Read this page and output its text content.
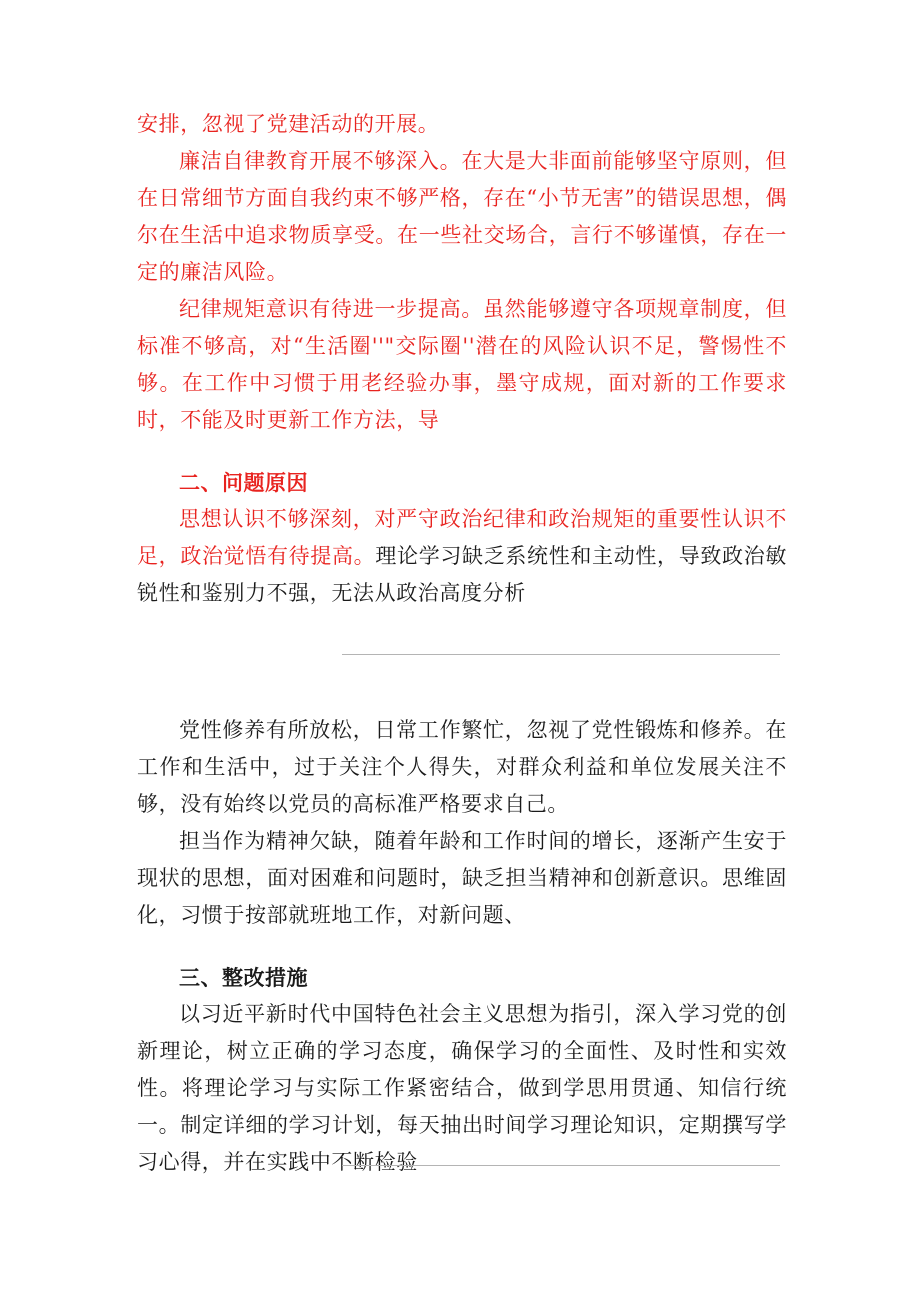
安排，忽视了党建活动的开展。

廉洁自律教育开展不够深入。在大是大非面前能够坚守原则，但在日常细节方面自我约束不够严格，存在“小节无害”的错误思想，偶尔在生活中追求物质享受。在一些社交场合，言行不够谨慎，存在一定的廉洁风险。

纪律规矩意识有待进一步提高。虽然能够遵守各项规章制度，但标准不够高，对“生活圈''"交际圈''潜在的风险认识不足，警惕性不够。在工作中习惯于用老经验办事，墨守成规，面对新的工作要求时，不能及时更新工作方法，导

二、问题原因

思想认识不够深刻，对严守政治纪律和政治规矩的重要性认识不足，政治觉悟有待提高。理论学习缺乏系统性和主动性，导致政治敏锐性和鉴别力不强，无法从政治高度分析

党性修养有所放松，日常工作繁忙，忽视了党性锻炼和修养。在工作和生活中，过于关注个人得失，对群众利益和单位发展关注不够，没有始终以党员的高标准严格要求自己。

担当作为精神欠缺，随着年龄和工作时间的增长，逐渐产生安于现状的思想，面对困难和问题时，缺乏担当精神和创新意识。思维固化，习惯于按部就班地工作，对新问题、

三、整改措施

以习近平新时代中国特色社会主义思想为指引，深入学习党的创新理论，树立正确的学习态度，确保学习的全面性、及时性和实效性。将理论学习与实际工作紧密结合，做到学思用贯通、知信行统一。制定详细的学习计划，每天抽出时间学习理论知识，定期撰写学习心得，并在实践中不断检验
